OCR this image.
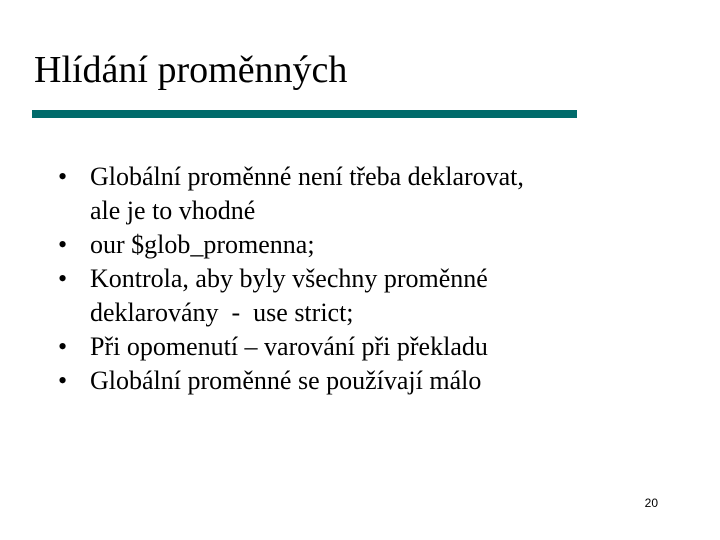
Hlídání proměnných
• Globální proměnné není třeba deklarovat,
ale je to vhodné
• our $glob_promenna;
• Kontrola, aby byly všechny proměnné
deklarovány  -  use strict;
• Při opomenutí – varování při překladu
• Globální proměnné se používají málo
20
